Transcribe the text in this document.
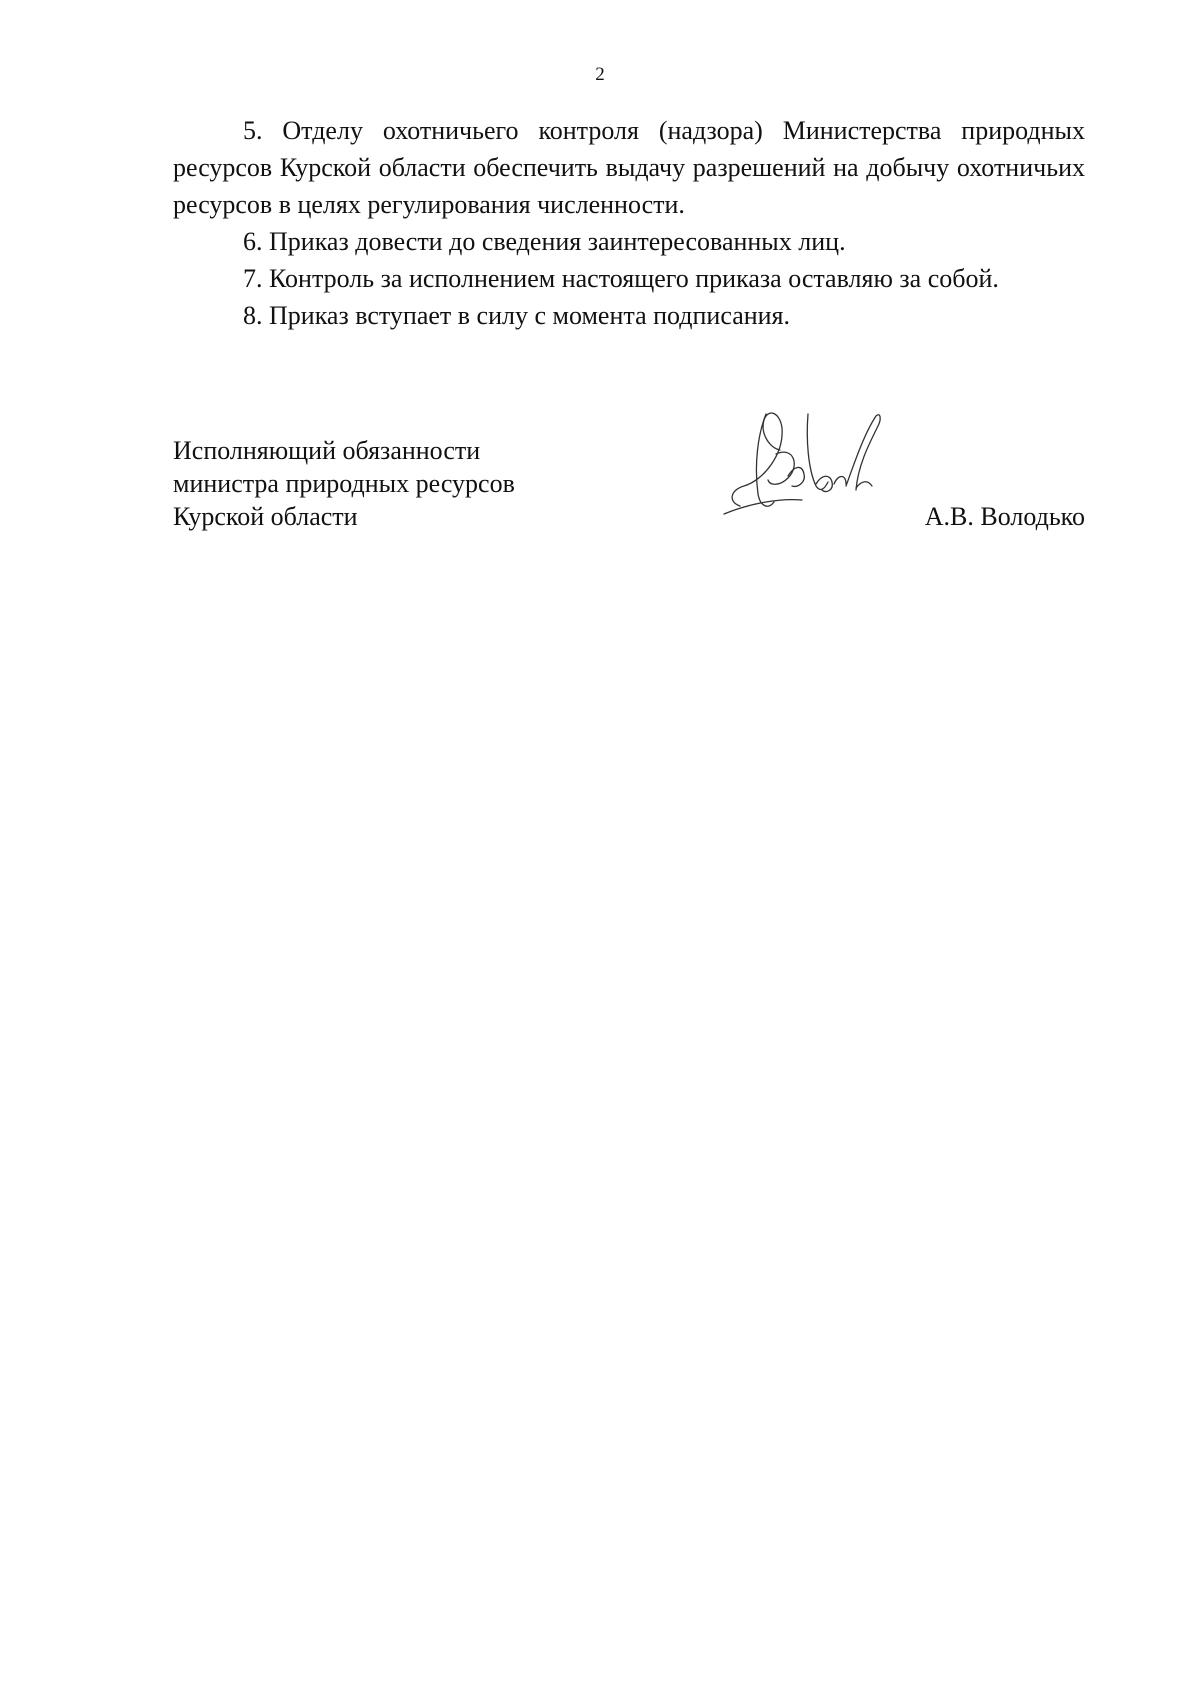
2

5. Отделу охотничьего контроля (надзора) Министерства природных ресурсов Курской области обеспечить выдачу разрешений на добычу охотничьих ресурсов в целях регулирования численности.

6. Приказ довести до сведения заинтересованных лиц.

7. Контроль за исполнением настоящего приказа оставляю за собой.

8. Приказ вступает в силу с момента подписания.

Исполняющий обязанности
министра природных ресурсов
Курской области	А.В. Володько
